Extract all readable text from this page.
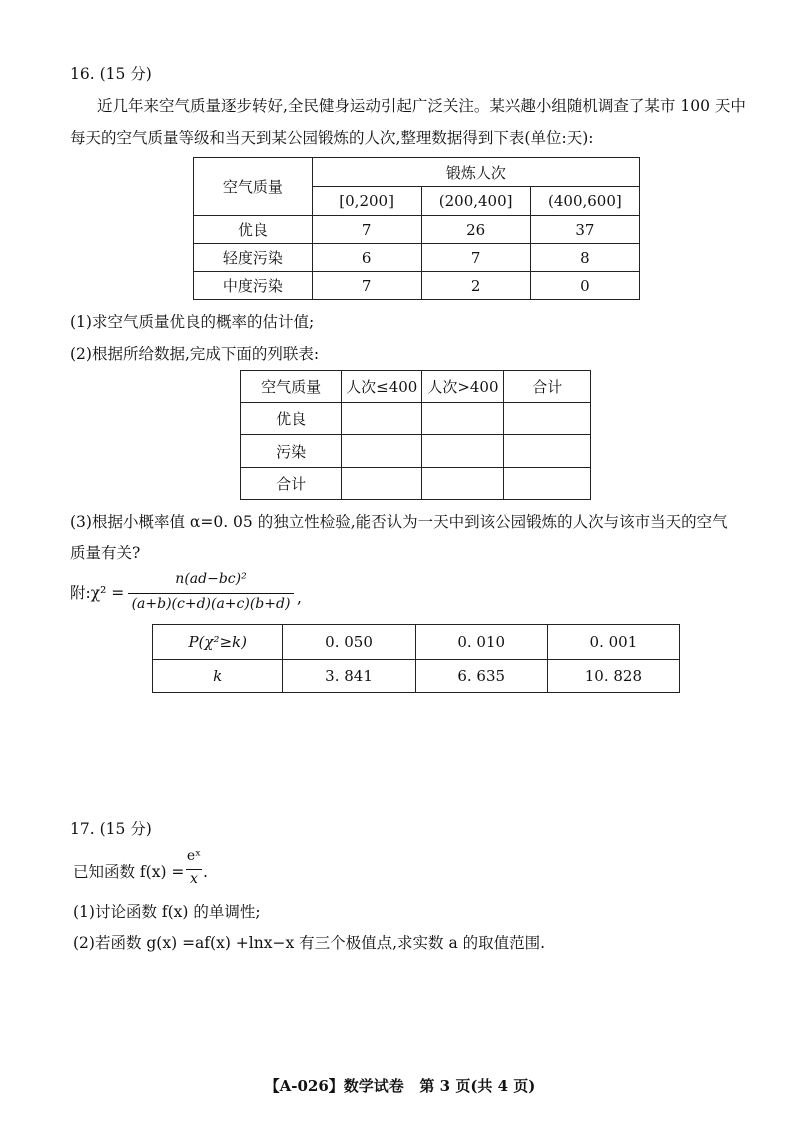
16. (15 分)
近几年来空气质量逐步转好,全民健身运动引起广泛关注。某兴趣小组随机调查了某市 100 天中
每天的空气质量等级和当天到某公园锻炼的人次,整理数据得到下表(单位:天):
空气质量	锻炼人次		
	[0,200]	(200,400]	(400,600]
优良	7	26	37
轻度污染	6	7	8
中度污染	7	2	0
(1)求空气质量优良的概率的估计值;
(2)根据所给数据,完成下面的列联表:
空气质量	人次≤400	人次>400	合计
优良			
污染			
合计			
(3)根据小概率值 α=0. 05 的独立性检验,能否认为一天中到该公园锻炼的人次与该市当天的空气
质量有关?
附:χ² =
n(ad−bc)²
(a+b)(c+d)(a+c)(b+d) ,
P(χ²≥k)	0. 050	0. 010	0. 001
k	3. 841	6. 635	10. 828
17. (15 分)
已知函数 f(x) =
eˣ
x .
(1)讨论函数 f(x) 的单调性;
(2)若函数 g(x) =af(x) +lnx−x 有三个极值点,求实数 a 的取值范围.
【A-026】数学试卷   第 3 页(共 4 页)
